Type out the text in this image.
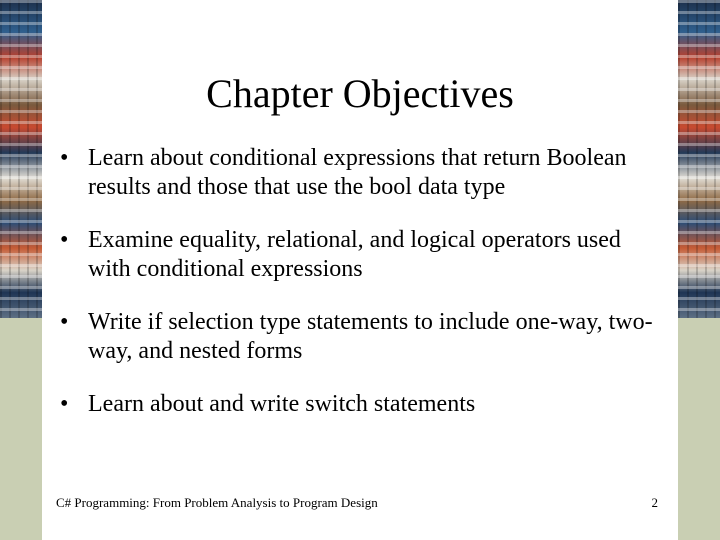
Chapter Objectives
• Learn about conditional expressions that return Boolean results and those that use the bool data type
• Examine equality, relational, and logical operators used with conditional expressions
• Write if selection type statements to include one-way, two-way, and nested forms
• Learn about and write switch statements
C# Programming: From Problem Analysis to Program Design	2
